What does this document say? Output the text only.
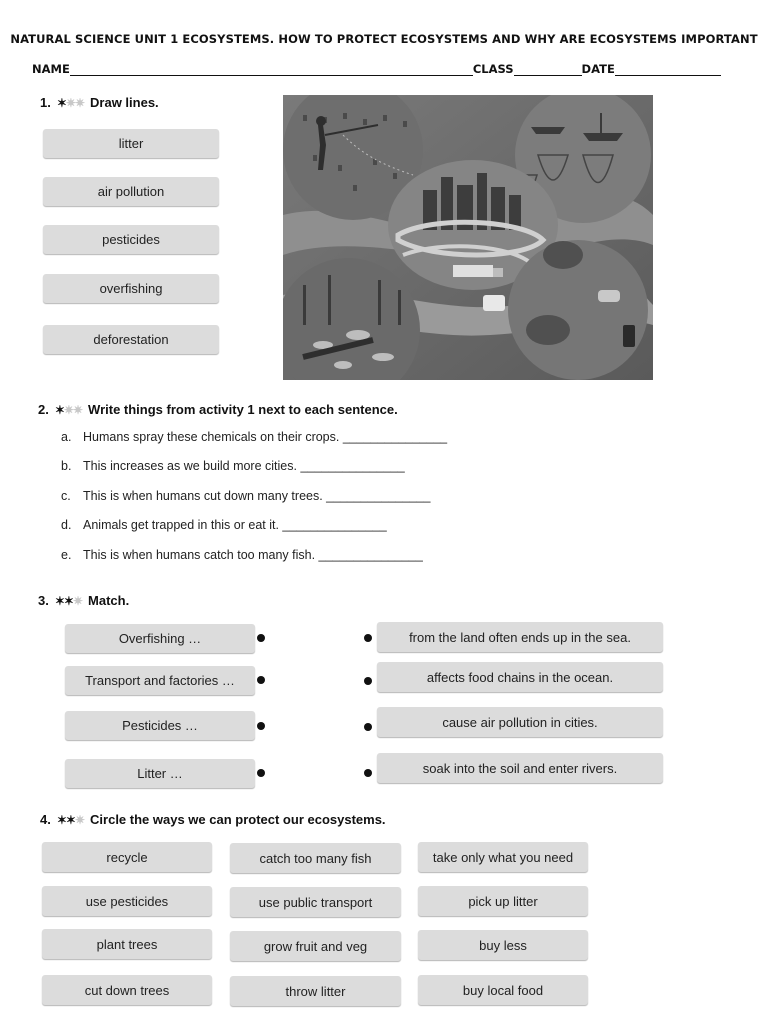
NATURAL SCIENCE UNIT 1 ECOSYSTEMS. HOW TO PROTECT ECOSYSTEMS AND WHY ARE ECOSYSTEMS IMPORTANT
NAME	CLASS	DATE
1. ✶ ✷ ✷ Draw lines.
litter
air pollution
pesticides
overfishing
deforestation
2. ✶ ✷ ✷ Write things from activity 1 next to each sentence.
a. Humans spray these chemicals on their crops. _______________
b. This increases as we build more cities. _______________
c. This is when humans cut down many trees. _______________
d. Animals get trapped in this or eat it. _______________
e. This is when humans catch too many fish. _______________
3. ✶ ✶ ✷ Match.
Overfishing …
Transport and factories …
Pesticides …
Litter …
from the land often ends up in the sea.
affects food chains in the ocean.
cause air pollution in cities.
soak into the soil and enter rivers.
4. ✶ ✶ ✷ Circle the ways we can protect our ecosystems.
recycle	catch too many fish	take only what you need
use pesticides	use public transport	pick up litter
plant trees	grow fruit and veg	buy less
cut down trees	throw litter	buy local food
